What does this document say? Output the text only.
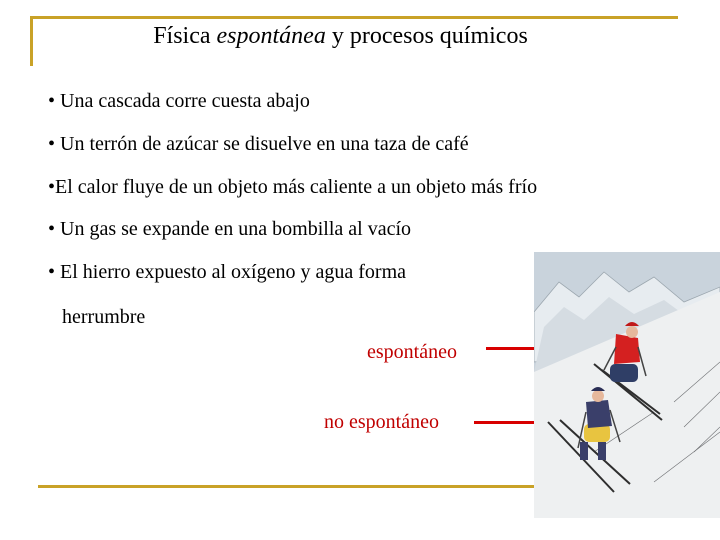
Física espontánea y procesos químicos
• Una cascada corre cuesta abajo
• Un terrón de azúcar se disuelve en una taza de café
•El calor fluye de un objeto más caliente a un objeto más frío
• Un gas se expande en una bombilla al vacío
• El hierro expuesto al oxígeno y agua forma
herrumbre
espontáneo
no espontáneo
